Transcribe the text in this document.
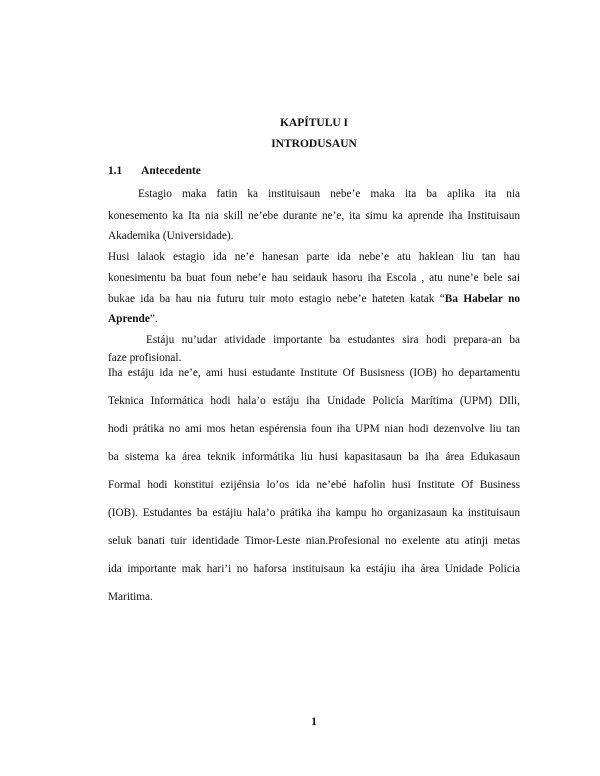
KAPÍTULU I
INTRODUSAUN
1.1 Antecedente
Estagio maka fatin ka instituisaun nebe’e maka ita ba aplika ita nia
konesemento ka Ita nia skill ne’ebe durante ne’e, ita simu ka aprende iha Instituisaun
Akademika (Universidade).
Husi lalaok estagio ida ne’e hanesan parte ida nebe’e atu haklean liu tan hau
konesimentu ba buat foun nebe’e hau seidauk hasoru iha Escola , atu nune’e bele sai
bukae ida ba hau nia futuru tuir moto estagio nebe’e hateten katak “Ba Habelar no
Aprende”.
Estáju nu’udar atividade importante ba estudantes sira hodi prepara-an ba
faze profisional.
Iha estáju ida ne’e, ami husi estudante Institute Of Busisness (IOB) ho departamentu
Teknica Informática hodi hala’o estáju iha Unidade Policía Marítima (UPM) DIli,
hodi prátika no ami mos hetan espérensia foun iha UPM nian hodi dezenvolve liu tan
ba sistema ka área teknik informátika liu husi kapasitasaun ba iha área Edukasaun
Formal hodi konstitui ezijénsia lo’os ida ne’ebé hafolin husi Institute Of Business
(IOB). Estudantes ba estájiu hala’o prátika iha kampu ho organizasaun ka instituisaun
seluk banati tuir identidade Timor-Leste nian.Profesional no exelente atu atinji metas
ida importante mak hari’i no haforsa instituisaun ka estájiu iha área Unidade Policia
Maritima.
1
